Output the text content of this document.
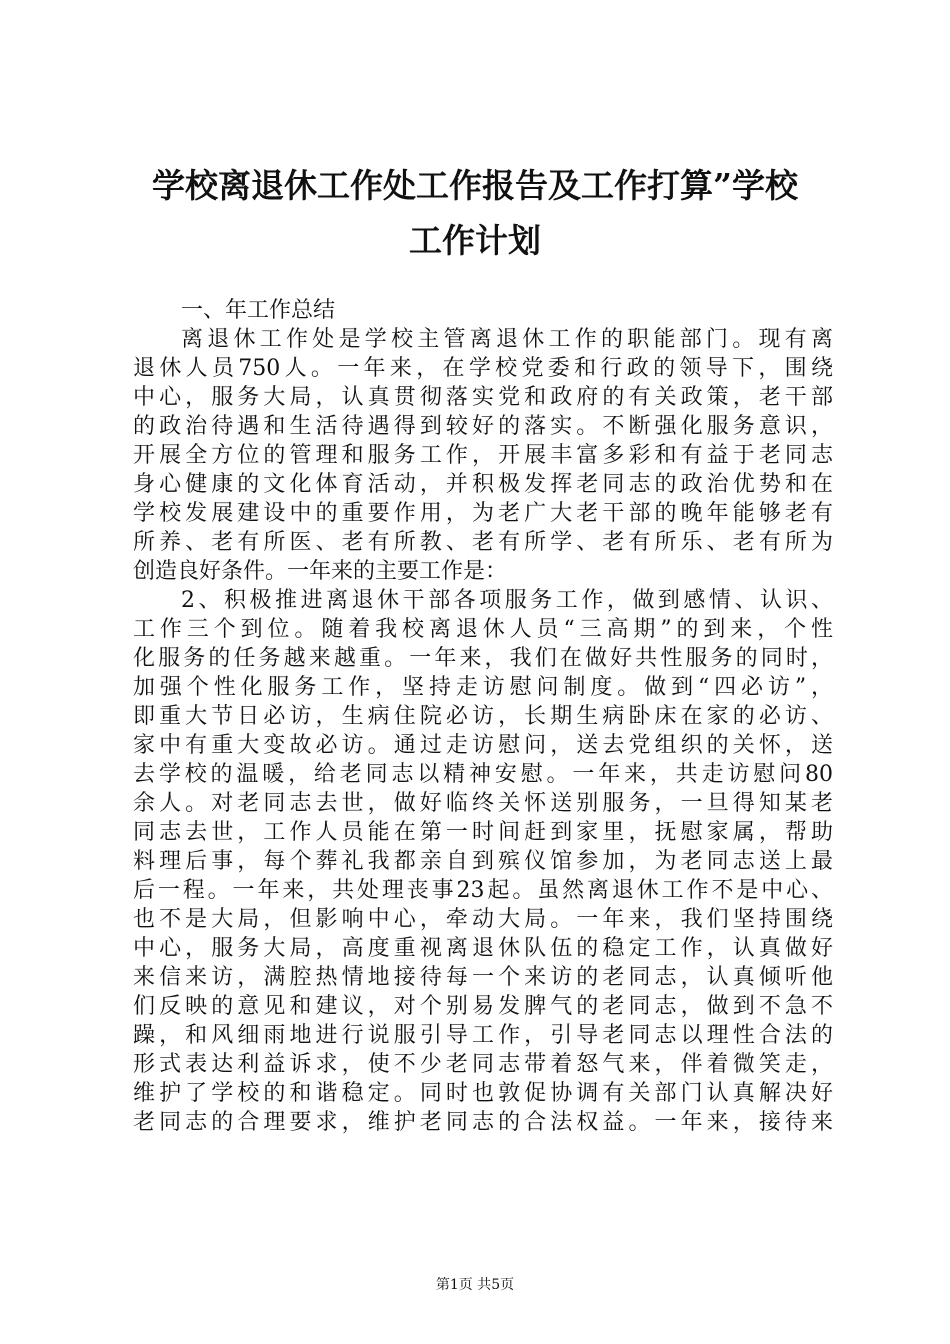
学校离退休工作处工作报告及工作打算”学校
工作计划
一、年工作总结
离退休工作处是学校主管离退休工作的职能部门。现有离
退休人员750人。一年来，在学校党委和行政的领导下，围绕
中心，服务大局，认真贯彻落实党和政府的有关政策，老干部
的政治待遇和生活待遇得到较好的落实。不断强化服务意识，
开展全方位的管理和服务工作，开展丰富多彩和有益于老同志
身心健康的文化体育活动，并积极发挥老同志的政治优势和在
学校发展建设中的重要作用，为老广大老干部的晚年能够老有
所养、老有所医、老有所教、老有所学、老有所乐、老有所为
创造良好条件。一年来的主要工作是：
2、积极推进离退休干部各项服务工作，做到感情、认识、
工作三个到位。随着我校离退休人员“三高期”的到来，个性
化服务的任务越来越重。一年来，我们在做好共性服务的同时，
加强个性化服务工作，坚持走访慰问制度。做到“四必访”，
即重大节日必访，生病住院必访，长期生病卧床在家的必访、
家中有重大变故必访。通过走访慰问，送去党组织的关怀，送
去学校的温暖，给老同志以精神安慰。一年来，共走访慰问80
余人。对老同志去世，做好临终关怀送别服务，一旦得知某老
同志去世，工作人员能在第一时间赶到家里，抚慰家属，帮助
料理后事，每个葬礼我都亲自到殡仪馆参加，为老同志送上最
后一程。一年来，共处理丧事23起。虽然离退休工作不是中心、
也不是大局，但影响中心，牵动大局。一年来，我们坚持围绕
中心，服务大局，高度重视离退休队伍的稳定工作，认真做好
来信来访，满腔热情地接待每一个来访的老同志，认真倾听他
们反映的意见和建议，对个别易发脾气的老同志，做到不急不
躁，和风细雨地进行说服引导工作，引导老同志以理性合法的
形式表达利益诉求，使不少老同志带着怒气来，伴着微笑走，
维护了学校的和谐稳定。同时也敦促协调有关部门认真解决好
老同志的合理要求，维护老同志的合法权益。一年来，接待来
第1页 共5页
